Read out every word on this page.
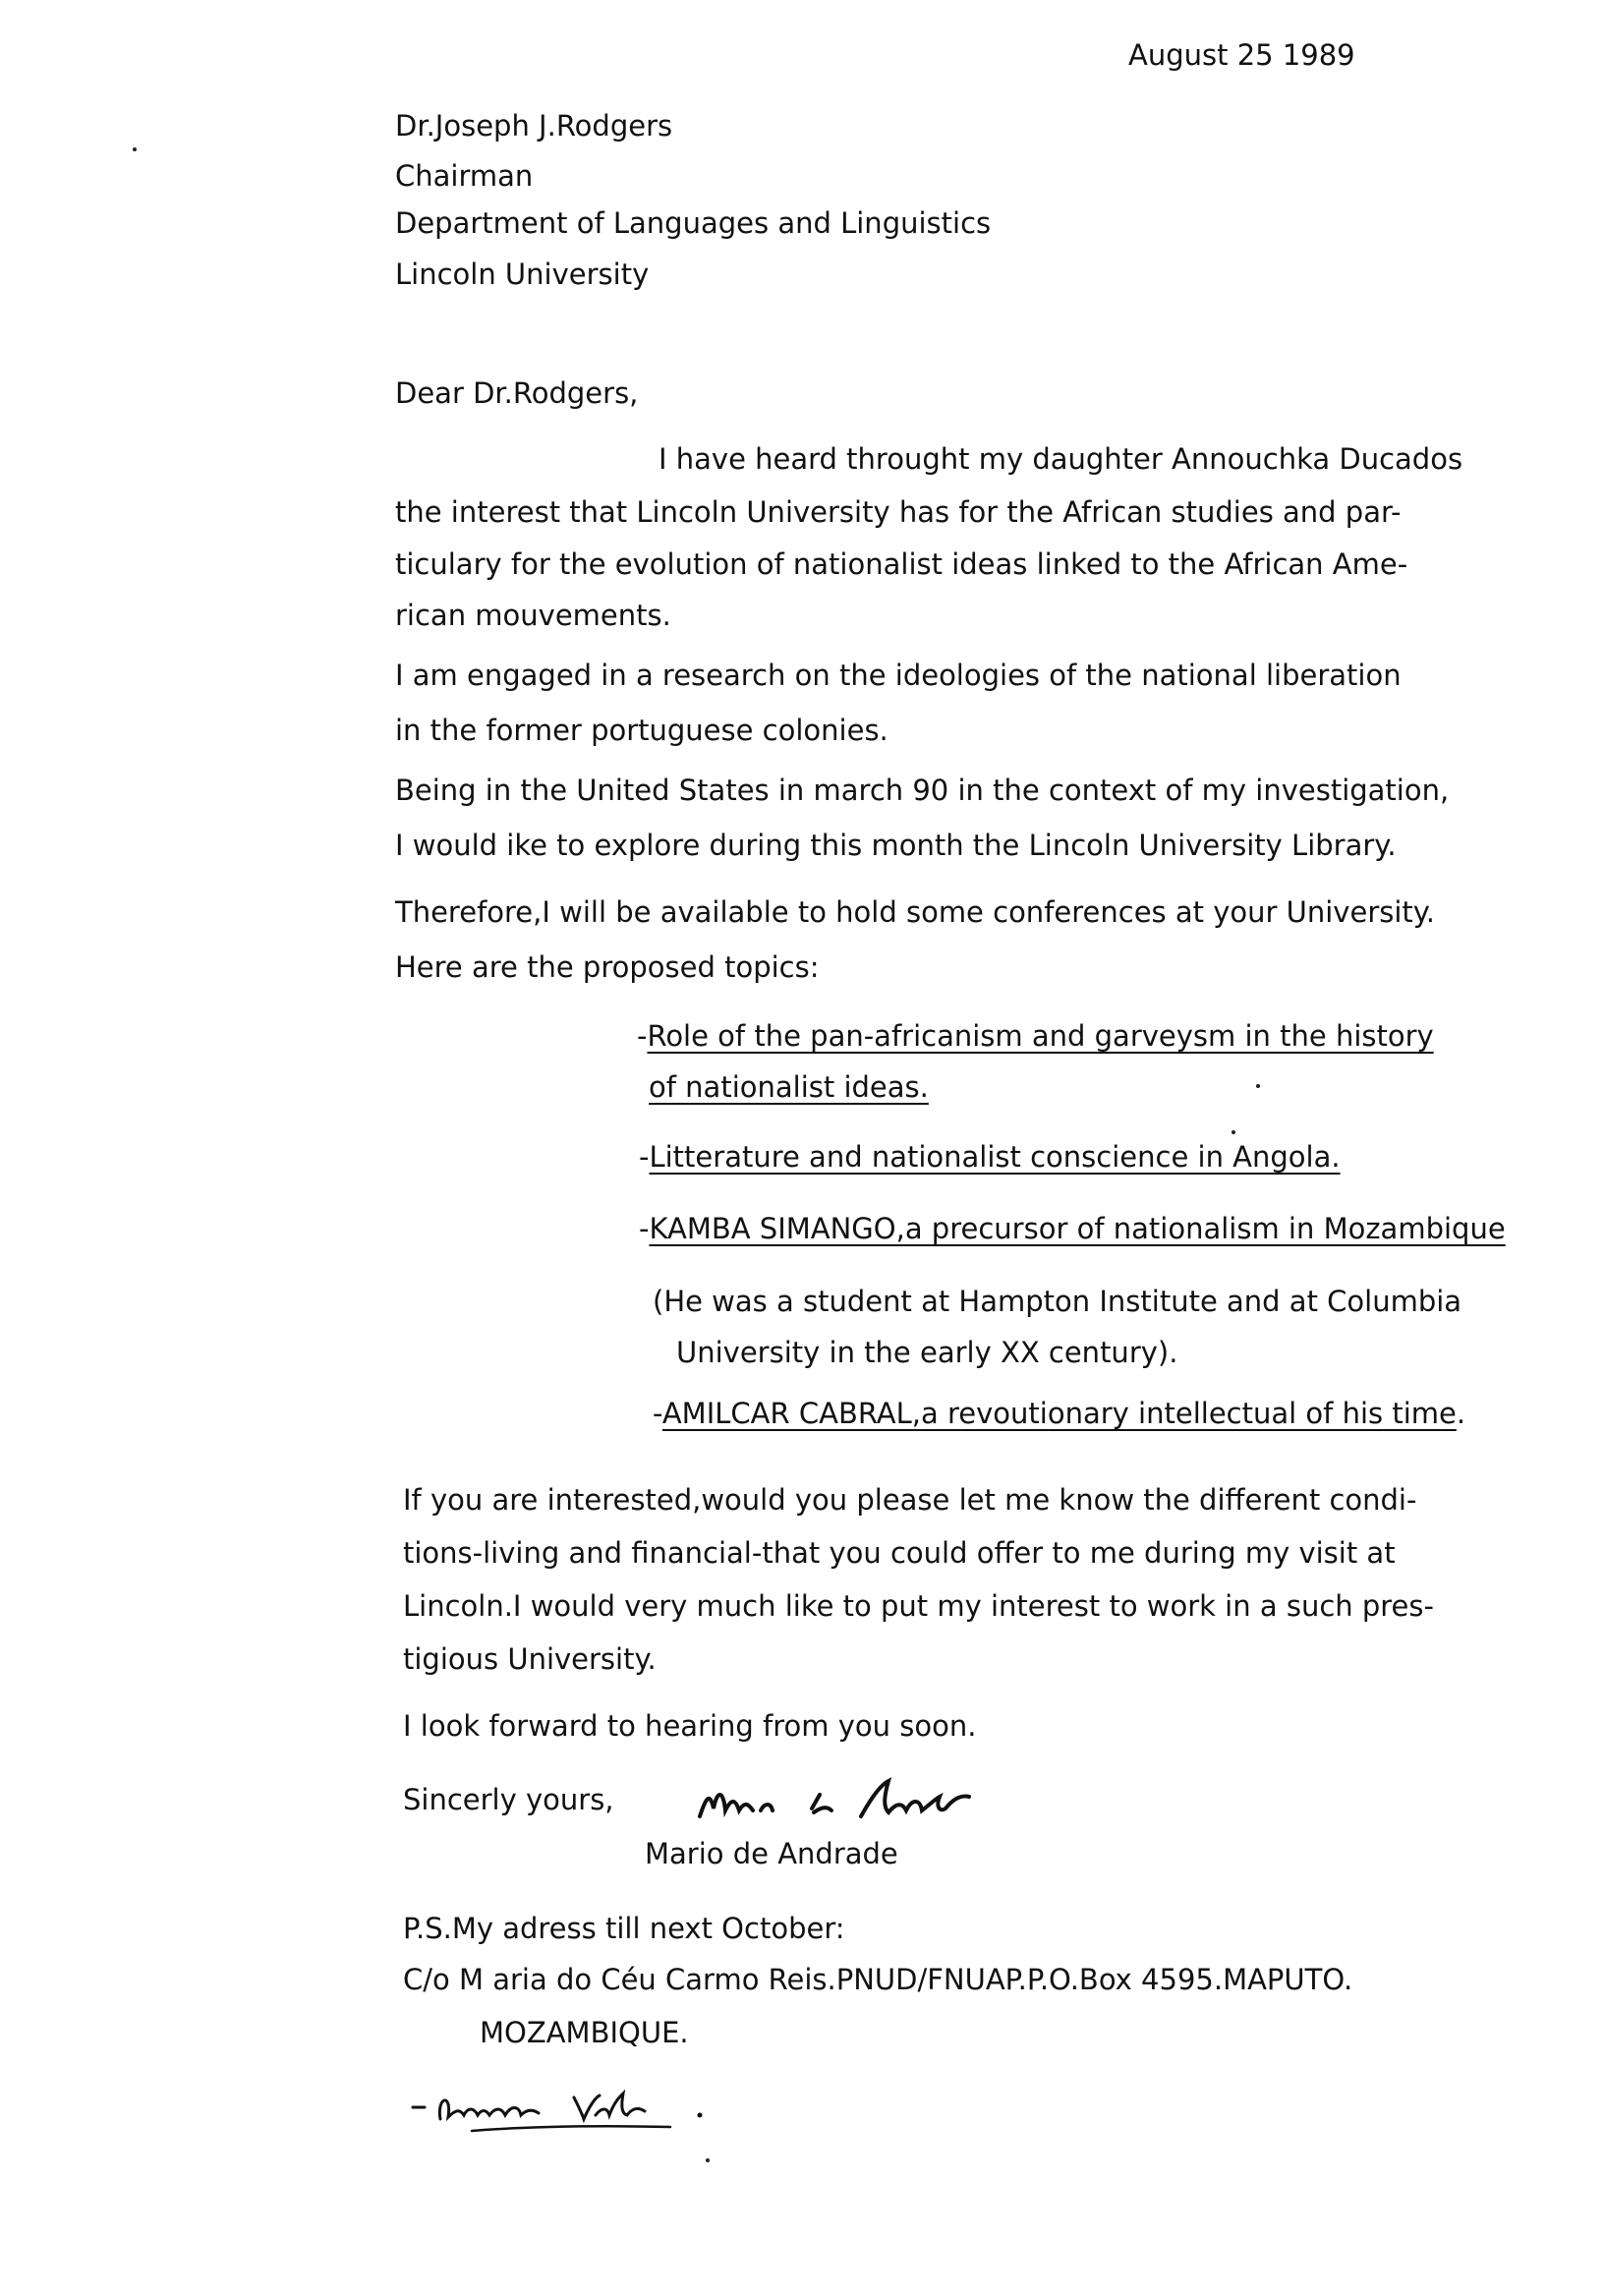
August 25 1989
Dr.Joseph J.Rodgers
Chairman
Department of Languages and Linguistics
Lincoln University
Dear Dr.Rodgers,
I have heard throught my daughter Annouchka Ducados
the interest that Lincoln University has for the African studies and par-
ticulary for the evolution of nationalist ideas linked to the African Ame-
rican mouvements.
I am engaged in a research on the ideologies of the national liberation
in the former portuguese colonies.
Being in the United States in march 90 in the context of my investigation,
I would ike to explore during this month the Lincoln University Library.
Therefore,I will be available to hold some conferences at your University.
Here are the proposed topics:
-Role of the pan-africanism and garveysm in the history
of nationalist ideas.
-Litterature and nationalist conscience in Angola.
-KAMBA SIMANGO,a precursor of nationalism in Mozambique
(He was a student at Hampton Institute and at Columbia
University in the early XX century).
-AMILCAR CABRAL,a revoutionary intellectual of his time.
If you are interested,would you please let me know the different condi-
tions-living and financial-that you could offer to me during my visit at
Lincoln.I would very much like to put my interest to work in a such pres-
tigious University.
I look forward to hearing from you soon.
Sincerly yours,
Mario de Andrade
P.S.My adress till next October:
C/o M aria do Céu Carmo Reis.PNUD/FNUAP.P.O.Box 4595.MAPUTO.
MOZAMBIQUE.
